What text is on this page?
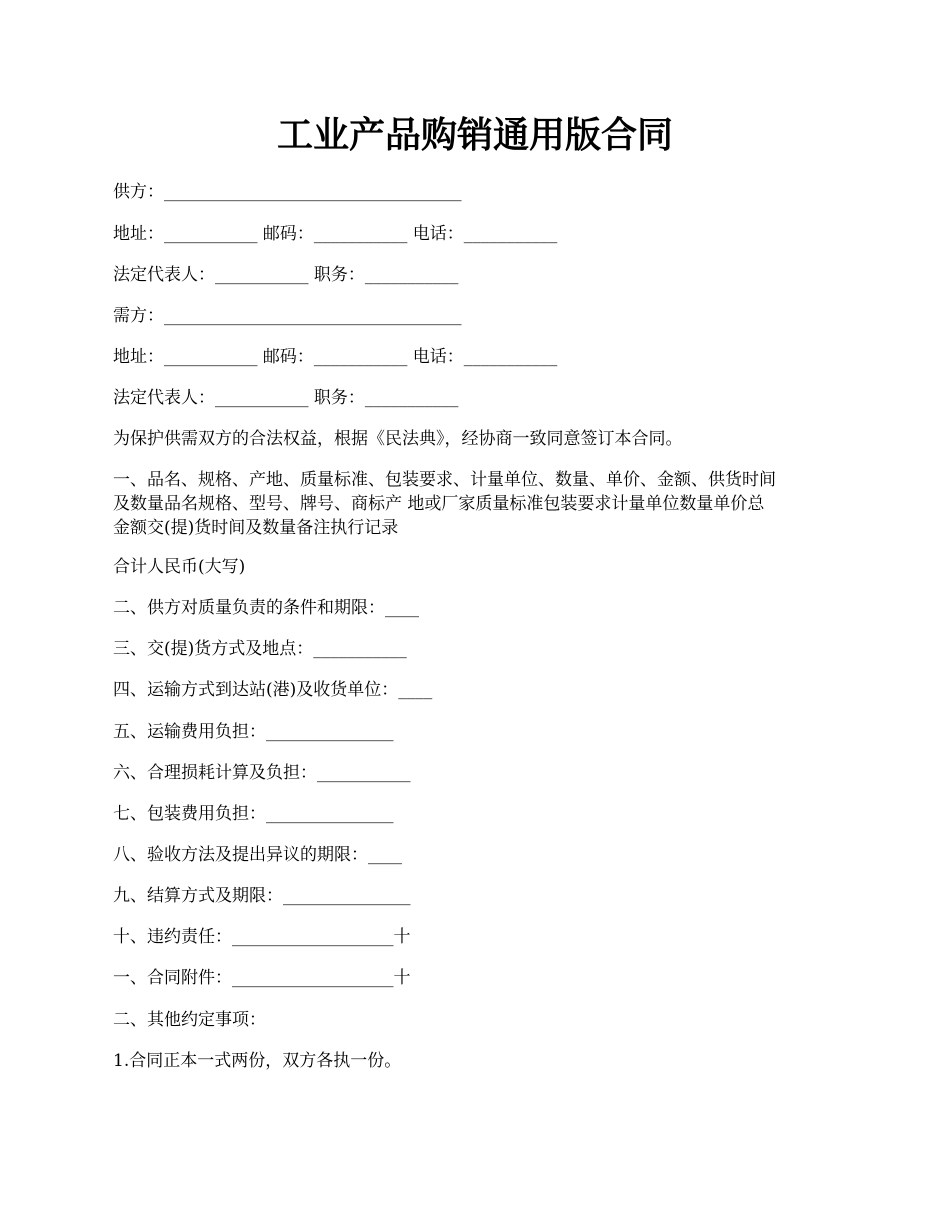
工业产品购销通用版合同
供方：___________________________________
地址：___________ 邮码：___________ 电话：___________
法定代表人：___________ 职务：___________
需方：___________________________________
地址：___________ 邮码：___________ 电话：___________
法定代表人：___________ 职务：___________
为保护供需双方的合法权益，根据《民法典》，经协商一致同意签订本合同。
一、品名、规格、产地、质量标准、包装要求、计量单位、数量、单价、金额、供货时间
及数量品名规格、型号、牌号、商标产 地或厂家质量标准包装要求计量单位数量单价总
金额交(提)货时间及数量备注执行记录
合计人民币(大写)
二、供方对质量负责的条件和期限：____
三、交(提)货方式及地点：___________
四、运输方式到达站(港)及收货单位：____
五、运输费用负担：_______________
六、合理损耗计算及负担：___________
七、包装费用负担：_______________
八、验收方法及提出异议的期限：____
九、结算方式及期限：_______________
十、违约责任：___________________十
一、合同附件：___________________十
二、其他约定事项：
1.合同正本一式两份，双方各执一份。
